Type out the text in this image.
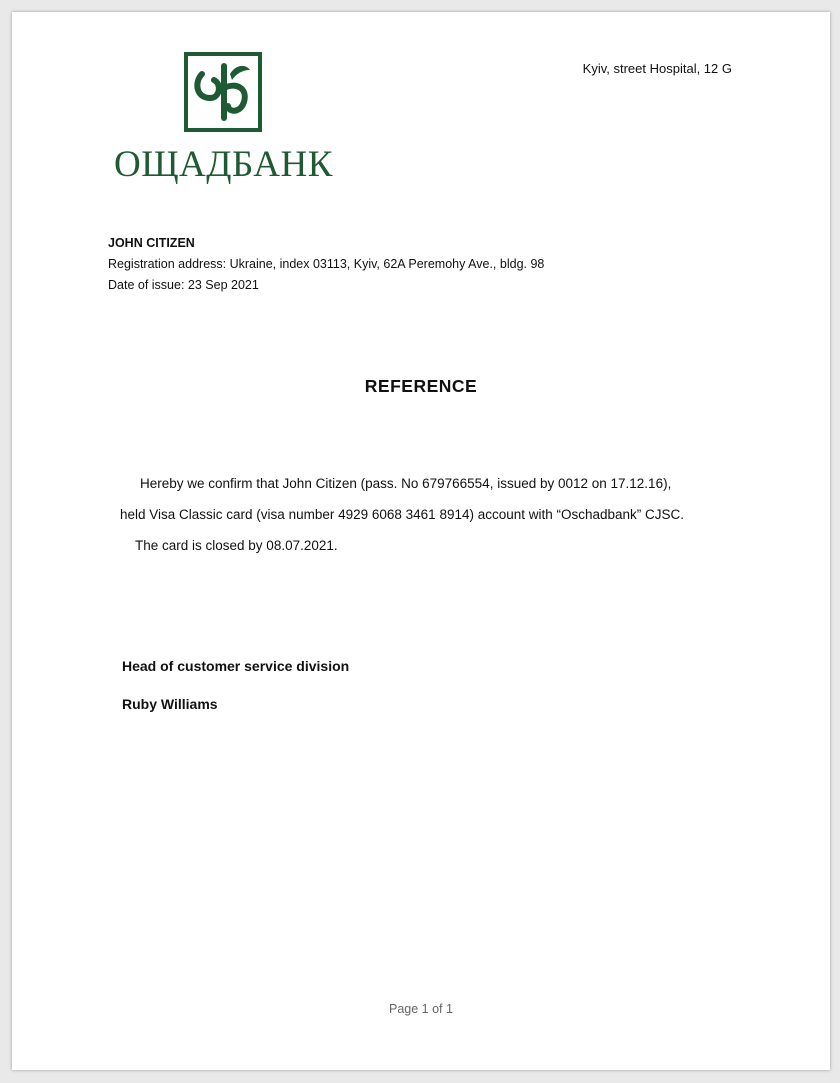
ОЩАДБАНК
Kyiv, street Hospital, 12 G
JOHN CITIZEN
Registration address: Ukraine, index 03113, Kyiv, 62A Peremohy Ave., bldg. 98
Date of issue: 23 Sep 2021
REFERENCE
Hereby we confirm that John Citizen (pass. No 679766554, issued by 0012 on 17.12.16),
held Visa Classic card (visa number 4929 6068 3461 8914) account with “Oschadbank” CJSC.
The card is closed by 08.07.2021.
Head of customer service division
Ruby Williams
Page 1 of 1
